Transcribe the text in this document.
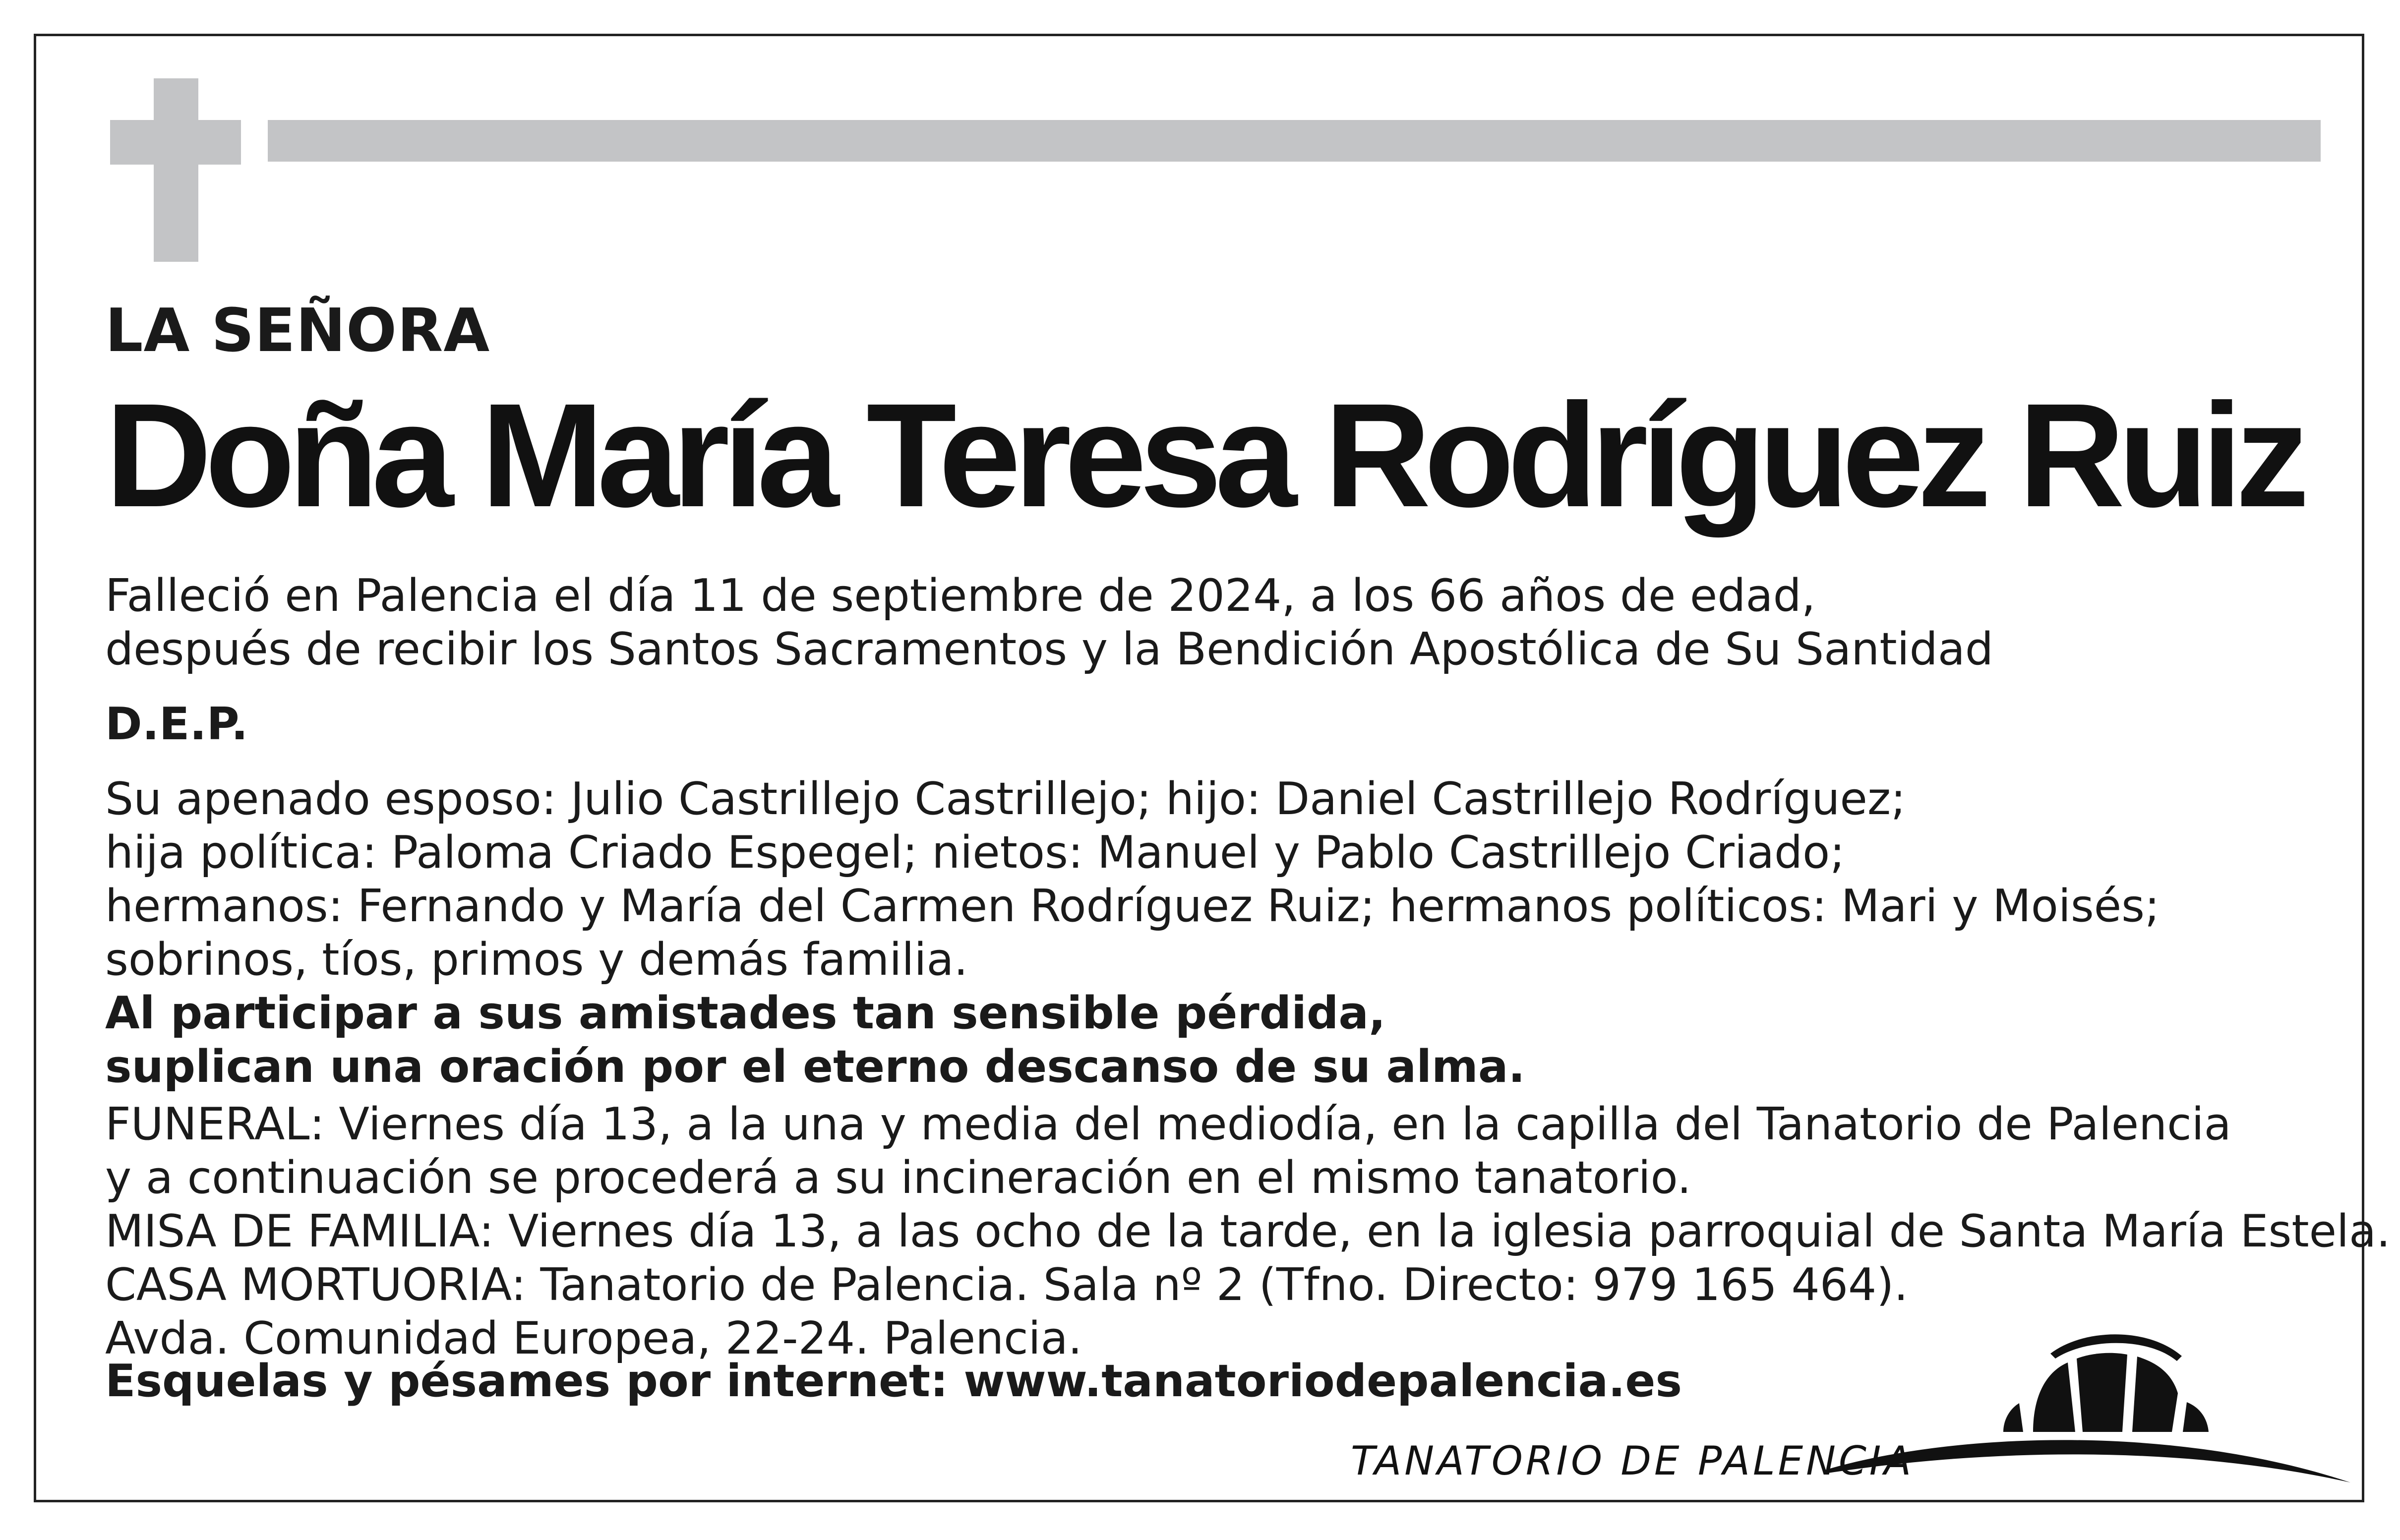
LA SEÑORA
Doña María Teresa Rodríguez Ruiz
Falleció en Palencia el día 11 de septiembre de 2024, a los 66 años de edad,
después de recibir los Santos Sacramentos y la Bendición Apostólica de Su Santidad
D.E.P.
Su apenado esposo: Julio Castrillejo Castrillejo; hijo: Daniel Castrillejo Rodríguez;
hija política: Paloma Criado Espegel; nietos: Manuel y Pablo Castrillejo Criado;
hermanos: Fernando y María del Carmen Rodríguez Ruiz; hermanos políticos: Mari y Moisés;
sobrinos, tíos, primos y demás familia.
Al participar a sus amistades tan sensible pérdida,
suplican una oración por el eterno descanso de su alma.
FUNERAL: Viernes día 13, a la una y media del mediodía, en la capilla del Tanatorio de Palencia
y a continuación se procederá a su incineración en el mismo tanatorio.
MISA DE FAMILIA: Viernes día 13, a las ocho de la tarde, en la iglesia parroquial de Santa María Estela.
CASA MORTUORIA: Tanatorio de Palencia. Sala nº 2 (Tfno. Directo: 979 165 464).
Avda. Comunidad Europea, 22-24. Palencia.
Esquelas y pésames por internet: www.tanatoriodepalencia.es
TANATORIO DE PALENCIA
